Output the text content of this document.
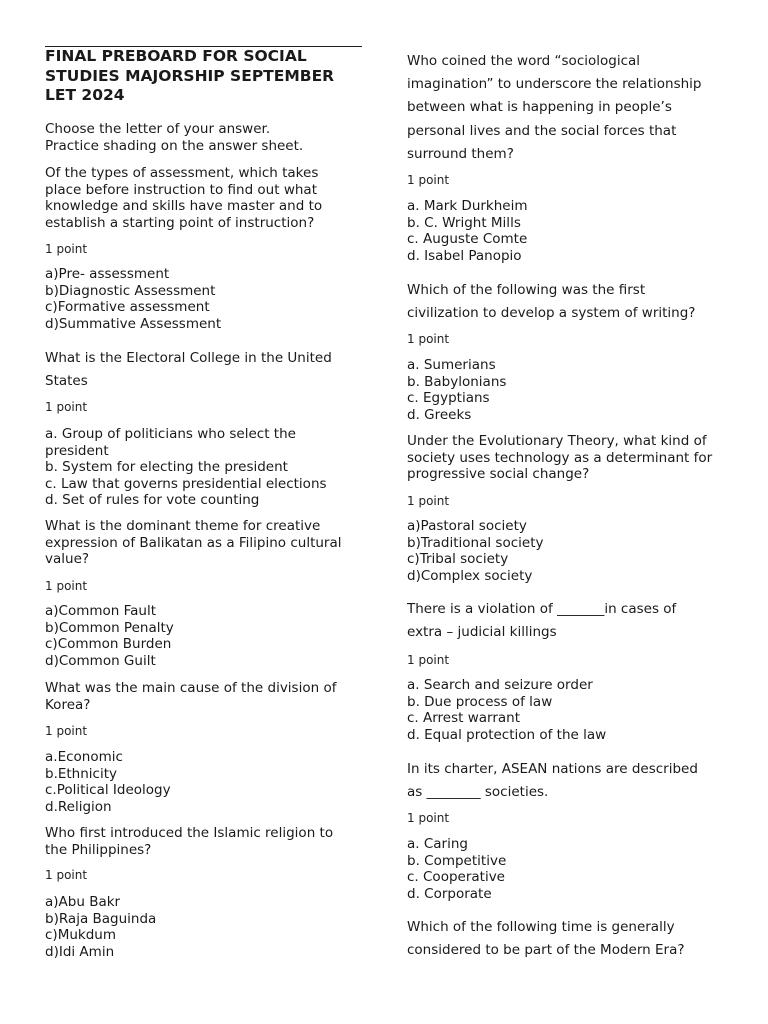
FINAL PREBOARD FOR SOCIAL STUDIES MAJORSHIP SEPTEMBER LET 2024

Choose the letter of your answer.
Practice shading on the answer sheet.

Of the types of assessment, which takes place before instruction to find out what knowledge and skills have master and to establish a starting point of instruction?

1 point

a)Pre- assessment
b)Diagnostic Assessment
c)Formative assessment
d)Summative Assessment

What is the Electoral College in the United States

1 point

a. Group of politicians who select the president
b. System for electing the president
c. Law that governs presidential elections
d. Set of rules for vote counting

What is the dominant theme for creative expression of Balikatan as a Filipino cultural value?

1 point

a)Common Fault
b)Common Penalty
c)Common Burden
d)Common Guilt

What was the main cause of the division of Korea?

1 point

a.Economic
b.Ethnicity
c.Political Ideology
d.Religion

Who first introduced the Islamic religion to the Philippines?

1 point

a)Abu Bakr
b)Raja Baguinda
c)Mukdum
d)Idi Amin

Who coined the word “sociological imagination” to underscore the relationship between what is happening in people’s personal lives and the social forces that surround them?

1 point

a. Mark Durkheim
b. C. Wright Mills
c. Auguste Comte
d. Isabel Panopio

Which of the following was the first civilization to develop a system of writing?

1 point

a. Sumerians
b. Babylonians
c. Egyptians
d. Greeks

Under the Evolutionary Theory, what kind of society uses technology as a determinant for progressive social change?

1 point

a)Pastoral society
b)Traditional society
c)Tribal society
d)Complex society

There is a violation of _______in cases of extra – judicial killings

1 point

a. Search and seizure order
b. Due process of law
c. Arrest warrant
d. Equal protection of the law

In its charter, ASEAN nations are described as ________ societies.

1 point

a. Caring
b. Competitive
c. Cooperative
d. Corporate

Which of the following time is generally considered to be part of the Modern Era?
